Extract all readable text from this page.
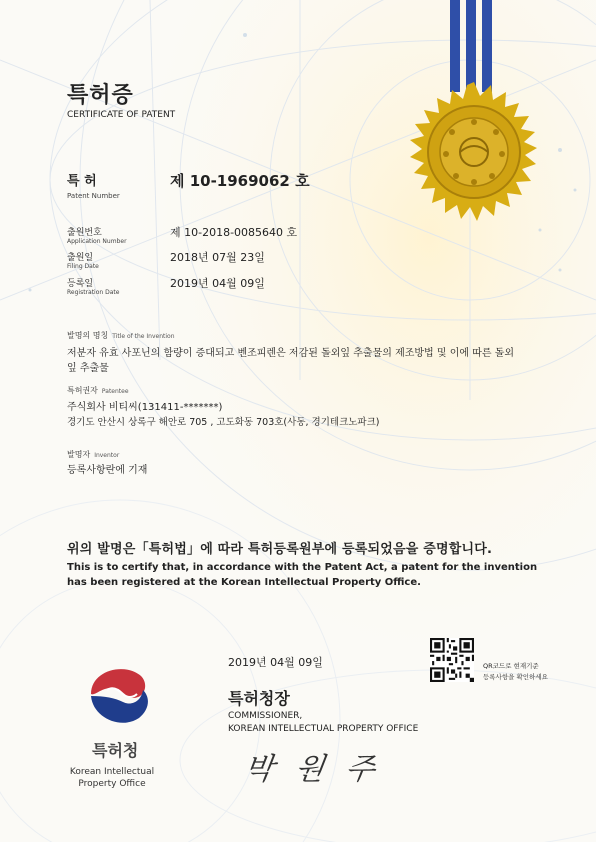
특허증
CERTIFICATE OF PATENT
특 허
Patent Number
제 10-1969062 호
출원번호
Application Number
제 10-2018-0085640 호
출원일
Filing Date
2018년 07월 23일
등록일
Registration Date
2019년 04월 09일
발명의 명칭 Title of the Invention
저분자 유효 사포닌의 함량이 증대되고 벤조피렌은 저감된 돌외잎 추출물의 제조방법 및 이에 따른 돌외
잎 추출물
특허권자 Patentee
주식회사 비티씨(131411-*******)
경기도 안산시 상록구 해안로 705 , 고도화동 703호(사동, 경기테크노파크)
발명자 Inventor
등록사항란에 기재
위의 발명은「특허법」에 따라 특허등록원부에 등록되었음을 증명합니다.
This is to certify that, in accordance with the Patent Act, a patent for the invention
has been registered at the Korean Intellectual Property Office.
2019년 04월 09일	QR코드로 현재기준
등록사항을 확인하세요
특허청
Korean Intellectual
Property Office
특허청장
COMMISSIONER,
KOREAN INTELLECTUAL PROPERTY OFFICE
박 원 주
